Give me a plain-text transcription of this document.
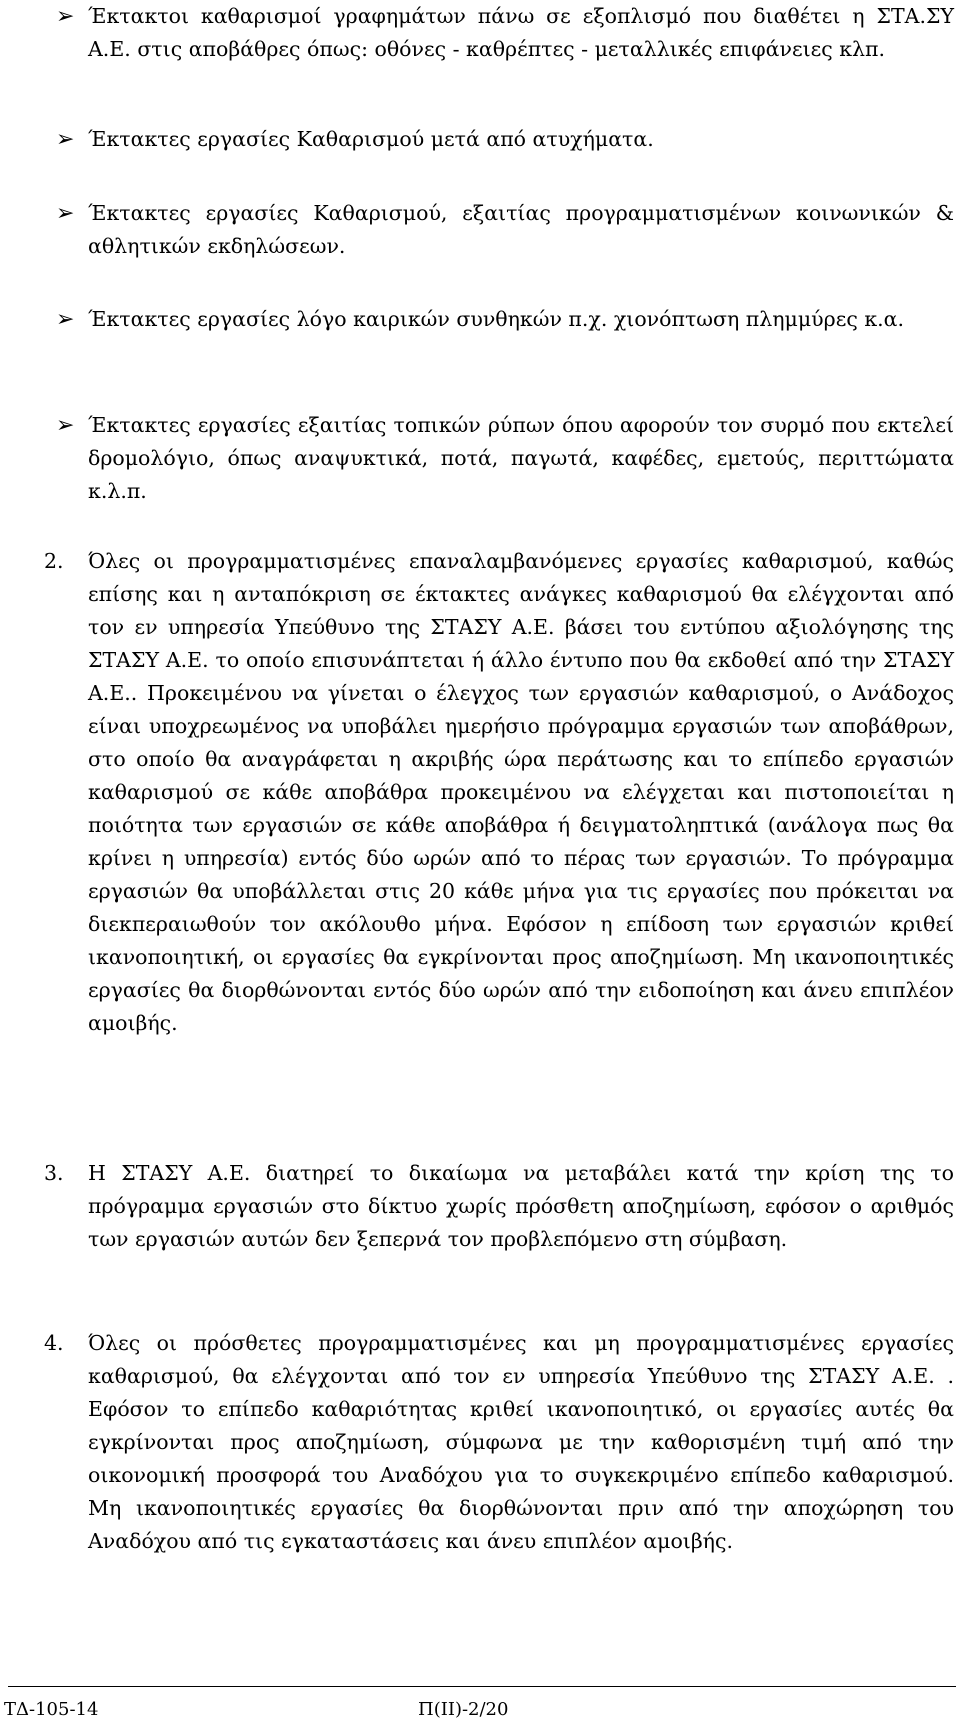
➢ Έκτακτοι καθαρισμοί γραφημάτων πάνω σε εξοπλισμό που διαθέτει η ΣΤΑ.ΣΥ Α.Ε. στις αποβάθρες όπως: οθόνες - καθρέπτες - μεταλλικές επιφάνειες κλπ.

➢ Έκτακτες εργασίες Καθαρισμού μετά από ατυχήματα.

➢ Έκτακτες εργασίες Καθαρισμού, εξαιτίας προγραμματισμένων κοινωνικών & αθλητικών εκδηλώσεων.

➢ Έκτακτες εργασίες λόγο καιρικών συνθηκών π.χ. χιονόπτωση πλημμύρες κ.α.

➢ Έκτακτες εργασίες εξαιτίας τοπικών ρύπων όπου αφορούν τον συρμό που εκτελεί δρομολόγιο, όπως αναψυκτικά, ποτά, παγωτά, καφέδες, εμετούς, περιττώματα κ.λ.π.

2. Όλες οι προγραμματισμένες επαναλαμβανόμενες εργασίες καθαρισμού, καθώς επίσης και η ανταπόκριση σε έκτακτες ανάγκες καθαρισμού θα ελέγχονται από τον εν υπηρεσία Υπεύθυνο της ΣΤΑΣΥ Α.Ε. βάσει του εντύπου αξιολόγησης της ΣΤΑΣΥ Α.Ε. το οποίο επισυνάπτεται ή άλλο έντυπο που θα εκδοθεί από την ΣΤΑΣΥ Α.Ε.. Προκειμένου να γίνεται ο έλεγχος των εργασιών καθαρισμού, ο Ανάδοχος είναι υποχρεωμένος να υποβάλει ημερήσιο πρόγραμμα εργασιών των αποβάθρων, στο οποίο θα αναγράφεται η ακριβής ώρα περάτωσης και το επίπεδο εργασιών καθαρισμού σε κάθε αποβάθρα προκειμένου να ελέγχεται και πιστοποιείται η ποιότητα των εργασιών σε κάθε αποβάθρα ή δειγματοληπτικά (ανάλογα πως θα κρίνει η υπηρεσία) εντός δύο ωρών από το πέρας των εργασιών. Το πρόγραμμα εργασιών θα υποβάλλεται στις 20 κάθε μήνα για τις εργασίες που πρόκειται να διεκπεραιωθούν τον ακόλουθο μήνα. Εφόσον η επίδοση των εργασιών κριθεί ικανοποιητική, οι εργασίες θα εγκρίνονται προς αποζημίωση. Μη ικανοποιητικές εργασίες θα διορθώνονται εντός δύο ωρών από την ειδοποίηση και άνευ επιπλέον αμοιβής.

3. Η ΣΤΑΣΥ Α.Ε. διατηρεί το δικαίωμα να μεταβάλει κατά την κρίση της το πρόγραμμα εργασιών στο δίκτυο χωρίς πρόσθετη αποζημίωση, εφόσον ο αριθμός των εργασιών αυτών δεν ξεπερνά τον προβλεπόμενο στη σύμβαση.

4. Όλες οι πρόσθετες προγραμματισμένες και μη προγραμματισμένες εργασίες καθαρισμού, θα ελέγχονται από τον εν υπηρεσία Υπεύθυνο της ΣΤΑΣΥ Α.Ε. . Εφόσον το επίπεδο καθαριότητας κριθεί ικανοποιητικό, οι εργασίες αυτές θα εγκρίνονται προς αποζημίωση, σύμφωνα με την καθορισμένη τιμή από την οικονομική προσφορά του Αναδόχου για το συγκεκριμένο επίπεδο καθαρισμού. Μη ικανοποιητικές εργασίες θα διορθώνονται πριν από την αποχώρηση του Αναδόχου από τις εγκαταστάσεις και άνευ επιπλέον αμοιβής.

ΤΔ-105-14	Π(ΙΙ)-2/20
